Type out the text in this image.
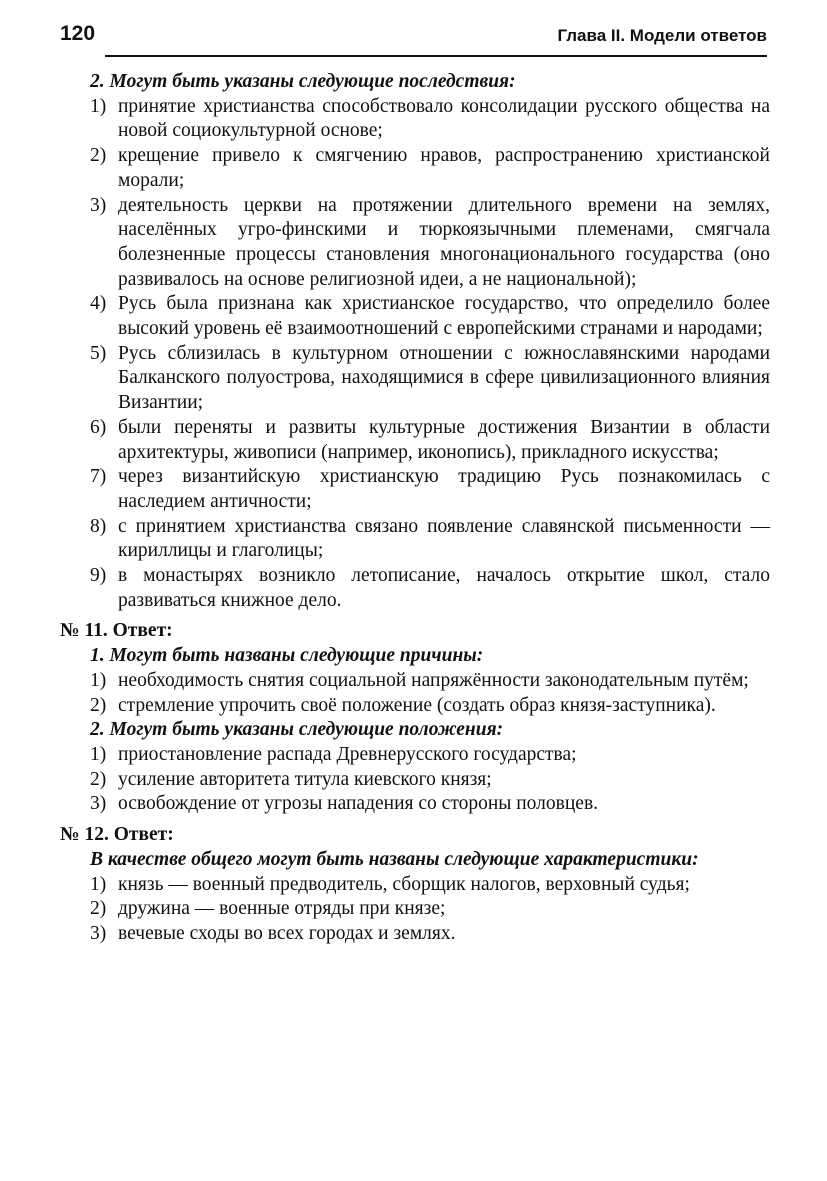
120	Глава II. Модели ответов

2. Могут быть указаны следующие последствия:

1) принятие христианства способствовало консолидации русского общества на новой социокультурной основе;
2) крещение привело к смягчению нравов, распространению христианской морали;
3) деятельность церкви на протяжении длительного времени на землях, населённых угро-финскими и тюркоязычными племенами, смягчала болезненные процессы становления многонационального государства (оно развивалось на основе религиозной идеи, а не национальной);
4) Русь была признана как христианское государство, что определило более высокий уровень её взаимоотношений с европейскими странами и народами;
5) Русь сблизилась в культурном отношении с южнославянскими народами Балканского полуострова, находящимися в сфере цивилизационного влияния Византии;
6) были переняты и развиты культурные достижения Византии в области архитектуры, живописи (например, иконопись), прикладного искусства;
7) через византийскую христианскую традицию Русь познакомилась с наследием античности;
8) с принятием христианства связано появление славянской письменности — кириллицы и глаголицы;
9) в монастырях возникло летописание, началось открытие школ, стало развиваться книжное дело.

№ 11. Ответ:

1. Могут быть названы следующие причины:

1) необходимость снятия социальной напряжённости законодательным путём;
2) стремление упрочить своё положение (создать образ князя-заступника).

2. Могут быть указаны следующие положения:

1) приостановление распада Древнерусского государства;
2) усиление авторитета титула киевского князя;
3) освобождение от угрозы нападения со стороны половцев.

№ 12. Ответ:

В качестве общего могут быть названы следующие характеристики:

1) князь — военный предводитель, сборщик налогов, верховный судья;
2) дружина — военные отряды при князе;
3) вечевые сходы во всех городах и землях.
